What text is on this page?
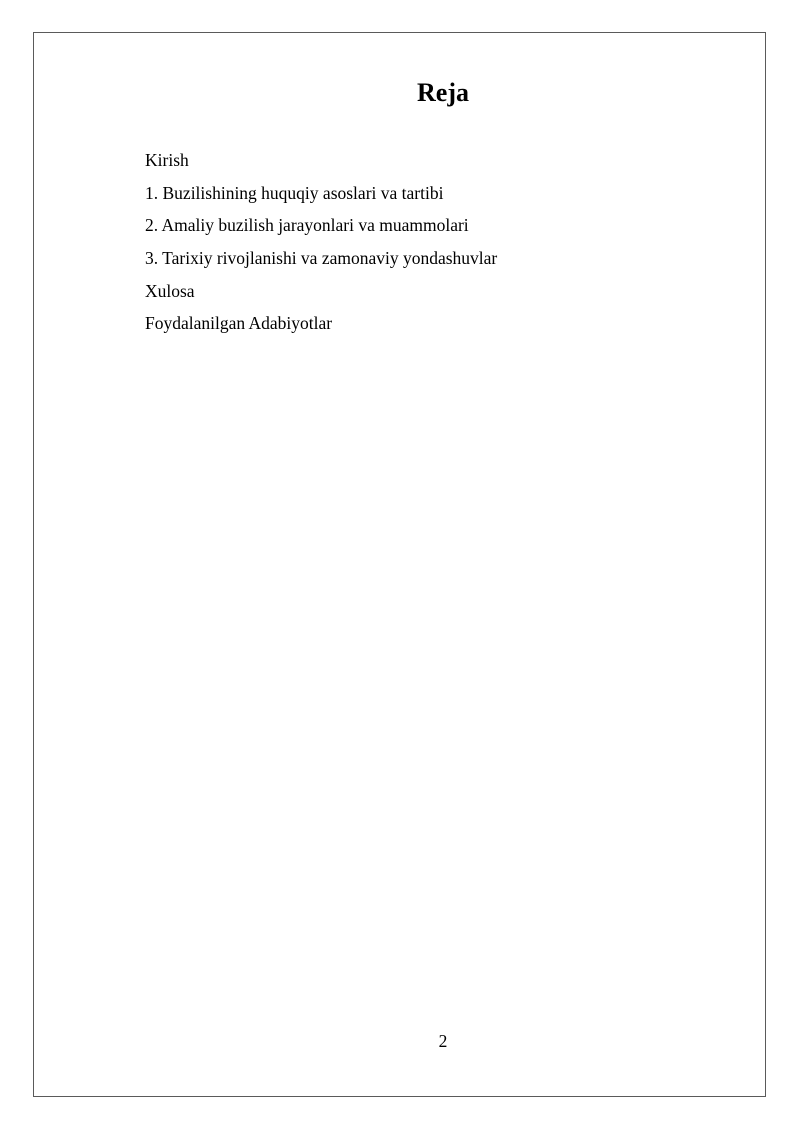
Reja
Kirish
1. Buzilishining huquqiy asoslari va tartibi
2. Amaliy buzilish jarayonlari va muammolari
3. Tarixiy rivojlanishi va zamonaviy yondashuvlar
Xulosa
Foydalanilgan Adabiyotlar
2
